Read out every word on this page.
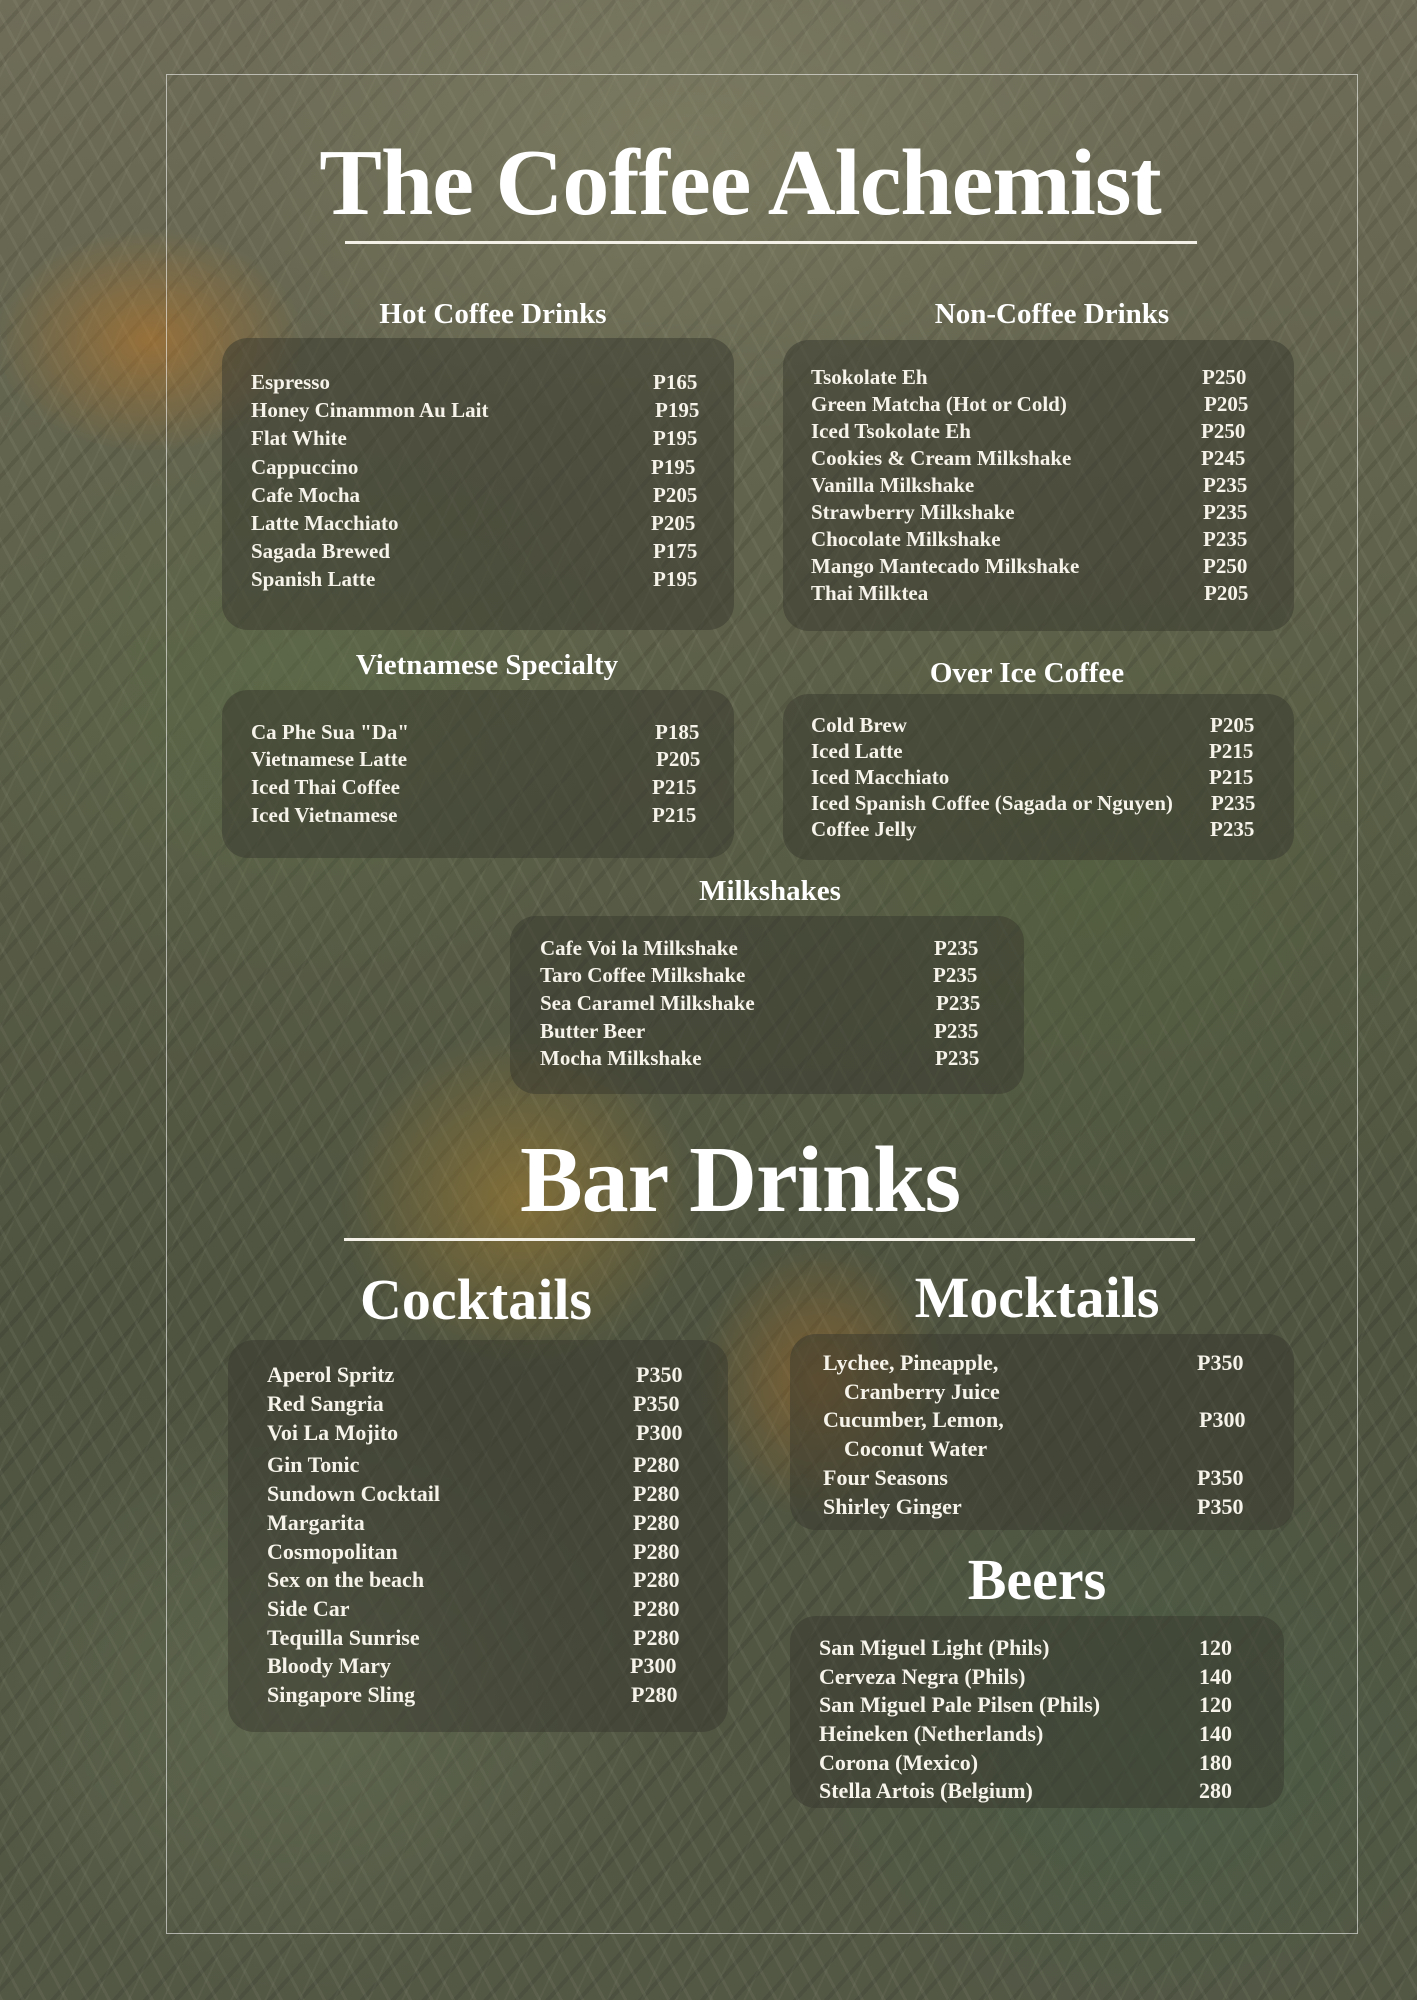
The Coffee Alchemist
Hot Coffee Drinks	Non-Coffee Drinks
Vietnamese Specialty	Over Ice Coffee
Milkshakes
Bar Drinks
Cocktails	Mocktails
Beers
Espresso	P165
Honey Cinammon Au Lait	P195
Flat White	P195
Cappuccino	P195
Cafe Mocha	P205
Latte Macchiato	P205
Sagada Brewed	P175
Spanish Latte	P195
Tsokolate Eh	P250
Green Matcha (Hot or Cold)	P205
Iced Tsokolate Eh	P250
Cookies & Cream Milkshake	P245
Vanilla Milkshake	P235
Strawberry Milkshake	P235
Chocolate Milkshake	P235
Mango Mantecado Milkshake	P250
Thai Milktea	P205
Ca Phe Sua "Da"	P185
Vietnamese Latte	P205
Iced Thai Coffee	P215
Iced Vietnamese	P215
Cold Brew	P205
Iced Latte	P215
Iced Macchiato	P215
Iced Spanish Coffee (Sagada or Nguyen) P235
Coffee Jelly	P235
Cafe Voi la Milkshake	P235
Taro Coffee Milkshake	P235
Sea Caramel Milkshake	P235
Butter Beer	P235
Mocha Milkshake	P235
Aperol Spritz	P350
Red Sangria	P350
Voi La Mojito	P300
Gin Tonic	P280
Sundown Cocktail	P280
Margarita	P280
Cosmopolitan	P280
Sex on the beach	P280
Side Car	P280
Tequilla Sunrise	P280
Bloody Mary	P300
Singapore Sling	P280
Lychee, Pineapple,	P350
Cranberry Juice
Cucumber, Lemon,	P300
Coconut Water
Four Seasons	P350
Shirley Ginger	P350
San Miguel Light (Phils)	120
Cerveza Negra (Phils)	140
San Miguel Pale Pilsen (Phils)	120
Heineken (Netherlands)	140
Corona (Mexico)	180
Stella Artois (Belgium)	280
